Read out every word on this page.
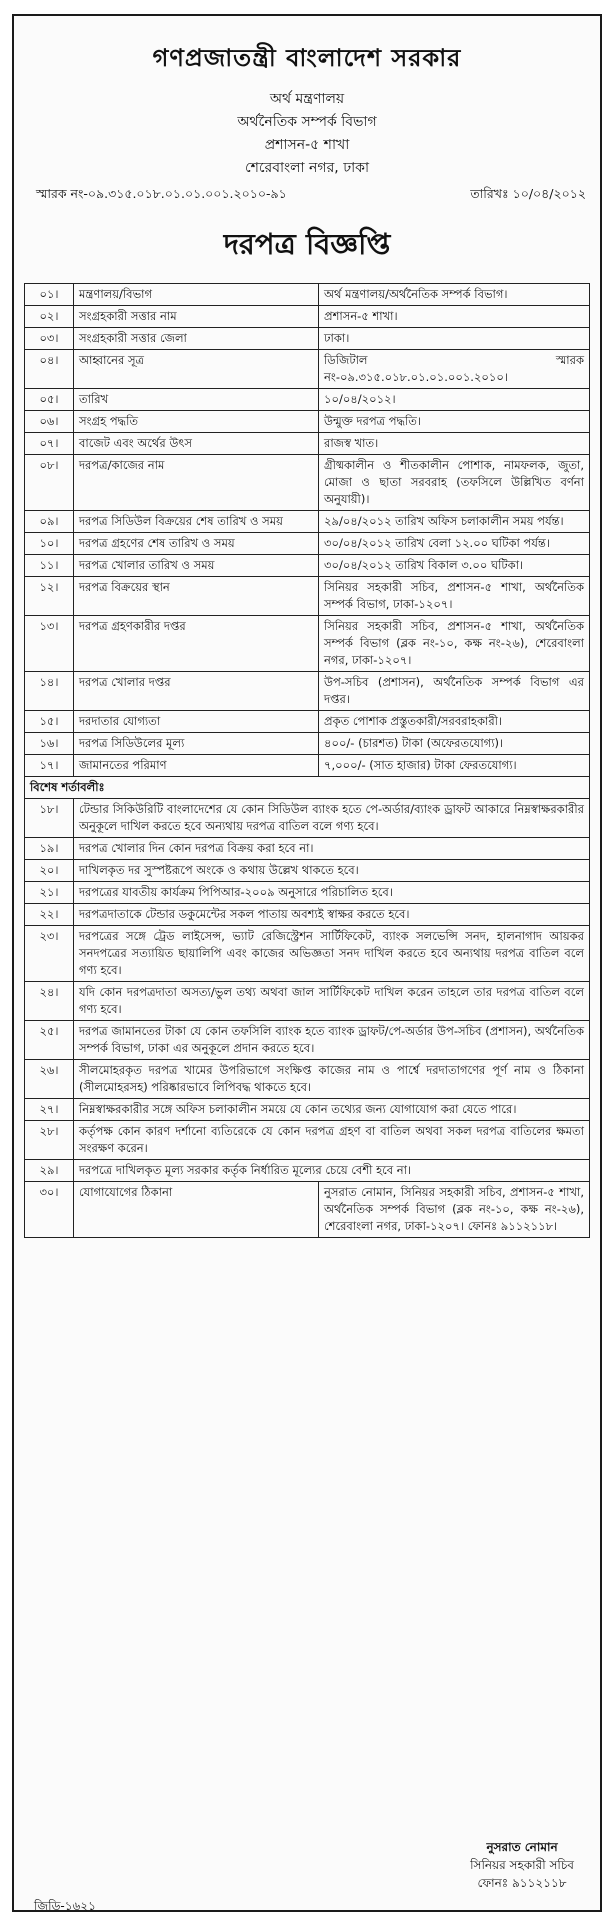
গণপ্রজাতন্ত্রী বাংলাদেশ সরকার
অর্থ মন্ত্রণালয়
অর্থনৈতিক সম্পর্ক বিভাগ
প্রশাসন-৫ শাখা
শেরেবাংলা নগর, ঢাকা
স্মারক নং-০৯.৩১৫.০১৮.০১.০১.০০১.২০১০-৯১	তারিখঃ ১০/০৪/২০১২
দরপত্র বিজ্ঞপ্তি
০১।	মন্ত্রণালয়/বিভাগ	অর্থ মন্ত্রণালয়/অর্থনৈতিক সম্পর্ক বিভাগ।
০২।	সংগ্রহকারী সত্তার নাম	প্রশাসন-৫ শাখা।
০৩।	সংগ্রহকারী সত্তার জেলা	ঢাকা।
০৪।	আহ্বানের সূত্র	ডিজিটাল স্মারক নং-০৯.৩১৫.০১৮.০১.০১.০০১.২০১০।
০৫।	তারিখ	১০/০৪/২০১২।
০৬।	সংগ্রহ পদ্ধতি	উন্মুক্ত দরপত্র পদ্ধতি।
০৭।	বাজেট এবং অর্থের উৎস	রাজস্ব খাত।
০৮।	দরপত্র/কাজের নাম	গ্রীষ্মকালীন ও শীতকালীন পোশাক, নামফলক, জুতা, মোজা ও ছাতা সরবরাহ (তফসিলে উল্লিখিত বর্ণনা অনুযায়ী)।
০৯।	দরপত্র সিডিউল বিক্রয়ের শেষ তারিখ ও সময়	২৯/০৪/২০১২ তারিখ অফিস চলাকালীন সময় পর্যন্ত।
১০।	দরপত্র গ্রহণের শেষ তারিখ ও সময়	৩০/০৪/২০১২ তারিখ বেলা ১২.০০ ঘটিকা পর্যন্ত।
১১।	দরপত্র খোলার তারিখ ও সময়	৩০/০৪/২০১২ তারিখ বিকাল ৩.০০ ঘটিকা।
১২।	দরপত্র বিক্রয়ের স্থান	সিনিয়র সহকারী সচিব, প্রশাসন-৫ শাখা, অর্থনৈতিক সম্পর্ক বিভাগ, ঢাকা-১২০৭।
১৩।	দরপত্র গ্রহণকারীর দপ্তর	সিনিয়র সহকারী সচিব, প্রশাসন-৫ শাখা, অর্থনৈতিক সম্পর্ক বিভাগ (ব্লক নং-১০, কক্ষ নং-২৬), শেরেবাংলা নগর, ঢাকা-১২০৭।
১৪।	দরপত্র খোলার দপ্তর	উপ-সচিব (প্রশাসন), অর্থনৈতিক সম্পর্ক বিভাগ এর দপ্তর।
১৫।	দরদাতার যোগ্যতা	প্রকৃত পোশাক প্রস্তুতকারী/সরবরাহকারী।
১৬।	দরপত্র সিডিউলের মূল্য	৪০০/- (চারশত) টাকা (অফেরতযোগ্য)।
১৭।	জামানতের পরিমাণ	৭,০০০/- (সাত হাজার) টাকা ফেরতযোগ্য।
বিশেষ শর্তাবলীঃ		
১৮।	টেন্ডার সিকিউরিটি বাংলাদেশের যে কোন সিডিউল ব্যাংক হতে পে-অর্ডার/ব্যাংক ড্রাফট আকারে নিম্নস্বাক্ষরকারীর অনুকূলে দাখিল করতে হবে অন্যথায় দরপত্র বাতিল বলে গণ্য হবে।	
১৯।	দরপত্র খোলার দিন কোন দরপত্র বিক্রয় করা হবে না।	
২০।	দাখিলকৃত দর সুস্পষ্টরূপে অংকে ও কথায় উল্লেখ থাকতে হবে।	
২১।	দরপত্রের যাবতীয় কার্যক্রম পিপিআর-২০০৯ অনুসারে পরিচালিত হবে।	
২২।	দরপত্রদাতাকে টেন্ডার ডকুমেন্টের সকল পাতায় অবশ্যই স্বাক্ষর করতে হবে।	
২৩।	দরপত্রের সঙ্গে ট্রেড লাইসেন্স, ভ্যাট রেজিস্ট্রেশন সার্টিফিকেট, ব্যাংক সলভেন্সি সনদ, হালনাগাদ আয়কর সনদপত্রের সত্যায়িত ছায়ালিপি এবং কাজের অভিজ্ঞতা সনদ দাখিল করতে হবে অন্যথায় দরপত্র বাতিল বলে গণ্য হবে।	
২৪।	যদি কোন দরপত্রদাতা অসত্য/ভুল তথ্য অথবা জাল সার্টিফিকেট দাখিল করেন তাহলে তার দরপত্র বাতিল বলে গণ্য হবে।	
২৫।	দরপত্র জামানতের টাকা যে কোন তফসিলি ব্যাংক হতে ব্যাংক ড্রাফট/পে-অর্ডার উপ-সচিব (প্রশাসন), অর্থনৈতিক সম্পর্ক বিভাগ, ঢাকা এর অনুকূলে প্রদান করতে হবে।	
২৬।	সীলমোহরকৃত দরপত্র খামের উপরিভাগে সংক্ষিপ্ত কাজের নাম ও পার্শ্বে দরদাতাগণের পূর্ণ নাম ও ঠিকানা (সীলমোহরসহ) পরিষ্কারভাবে লিপিবদ্ধ থাকতে হবে।	
২৭।	নিম্নস্বাক্ষরকারীর সঙ্গে অফিস চলাকালীন সময়ে যে কোন তথ্যের জন্য যোগাযোগ করা যেতে পারে।	
২৮।	কর্তৃপক্ষ কোন কারণ দর্শানো ব্যতিরেকে যে কোন দরপত্র গ্রহণ বা বাতিল অথবা সকল দরপত্র বাতিলের ক্ষমতা সংরক্ষণ করেন।	
২৯।	দরপত্রে দাখিলকৃত মূল্য সরকার কর্তৃক নির্ধারিত মূল্যের চেয়ে বেশী হবে না।	
৩০।	যোগাযোগের ঠিকানা	নুসরাত নোমান, সিনিয়র সহকারী সচিব, প্রশাসন-৫ শাখা, অর্থনৈতিক সম্পর্ক বিভাগ (ব্লক নং-১০, কক্ষ নং-২৬), শেরেবাংলা নগর, ঢাকা-১২০৭। ফোনঃ ৯১১২১১৮।
নুসরাত নোমান
সিনিয়র সহকারী সচিব
ফোনঃ ৯১১২১১৮
জিডি-১৬২১
